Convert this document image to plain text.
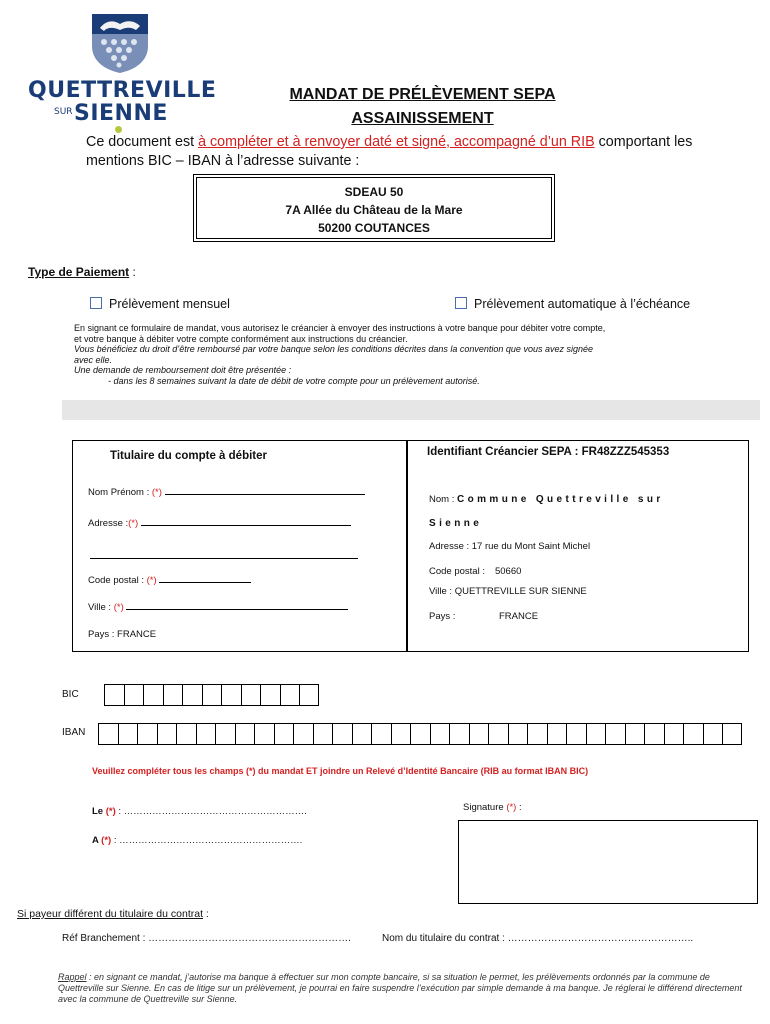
QUETTREVILLE
SUR SIENNE
MANDAT DE PRÉLÈVEMENT SEPA
ASSAINISSEMENT
Ce document est à compléter et à renvoyer daté et signé, accompagné d’un RIB comportant les mentions BIC – IBAN à l’adresse suivante :
SDEAU 50
7A Allée du Château de la Mare
50200 COUTANCES
Type de Paiement :
Prélèvement mensuel	Prélèvement automatique à l’échéance
En signant ce formulaire de mandat, vous autorisez le créancier à envoyer des instructions à votre banque pour débiter votre compte,
et votre banque à débiter votre compte conformément aux instructions du créancier.
Vous bénéficiez du droit d’être remboursé par votre banque selon les conditions décrites dans la convention que vous avez signée
avec elle.
Une demande de remboursement doit être présentée :
- dans les 8 semaines suivant la date de débit de votre compte pour un prélèvement autorisé.
Titulaire du compte à débiter
Nom Prénom : (*)
Adresse :(*)
Code postal : (*)
Ville : (*)
Pays : FRANCE
Identifiant Créancier SEPA : FR48ZZZ545353
Nom : Commune Quettreville sur
Sienne
Adresse : 17 rue du Mont Saint Michel
Code postal : 50660
Ville : QUETTREVILLE SUR SIENNE
Pays :	FRANCE
BIC
IBAN
Veuillez compléter tous les champs (*) du mandat ET joindre un Relevé d’Identité Bancaire (RIB au format IBAN BIC)
Le (*) : ………………………………………………….
A (*) : ………………………………………………….
Signature (*) :
Si payeur différent du titulaire du contrat :
Réf Branchement : …………………………………………………….	Nom du titulaire du contrat : ………………………………………………..
Rappel : en signant ce mandat, j’autorise ma banque à effectuer sur mon compte bancaire, si sa situation le permet, les prélèvements ordonnés par la commune de Quettreville sur Sienne. En cas de litige sur un prélèvement, je pourrai en faire suspendre l’exécution par simple demande à ma banque. Je réglerai le différend directement avec la commune de Quettreville sur Sienne.
